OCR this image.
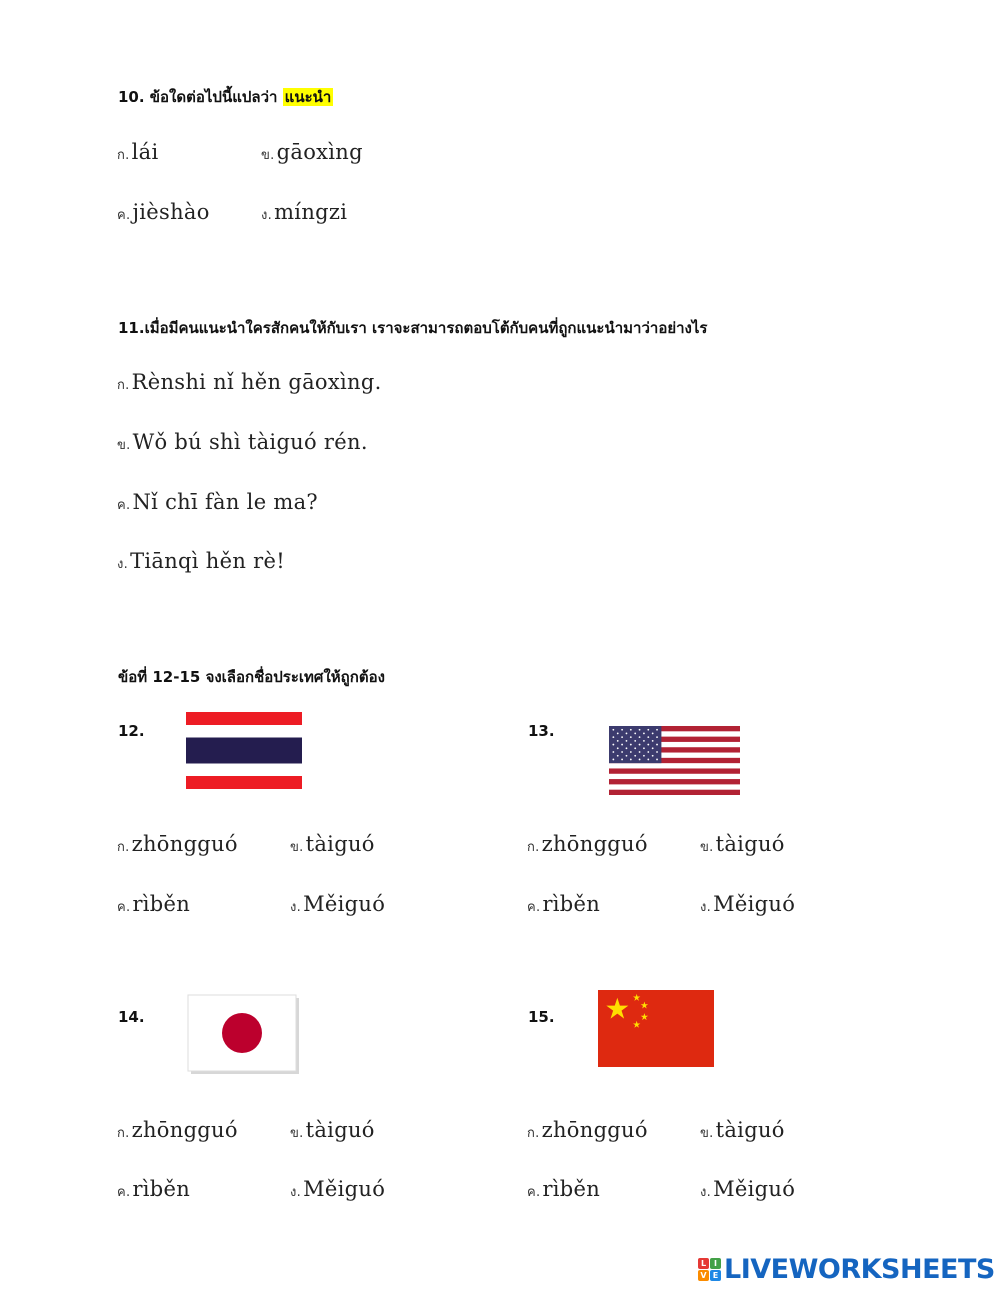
10. ข้อใดต่อไปนี้แปลว่า แนะนำ
ก.lái	ข.gāoxìng
ค.jièshào	ง.míngzi
11.เมื่อมีคนแนะนำใครสักคนให้กับเรา เราจะสามารถตอบโต้กับคนที่ถูกแนะนำมาว่าอย่างไร
ก.Rènshi nǐ hěn gāoxìng.
ข.Wǒ bú shì tàiguó rén.
ค.Nǐ chī fàn le ma?
ง.Tiānqì hěn rè!
ข้อที่ 12-15 จงเลือกชื่อประเทศให้ถูกต้อง
12.
ก.zhōngguó	ข.tàiguó
ค.rìběn	ง.Měiguó
13.
ก.zhōngguó	ข.tàiguó
ค.rìběn	ง.Měiguó
14.
ก.zhōngguó	ข.tàiguó
ค.rìběn	ง.Měiguó
15.
ก.zhōngguó	ข.tàiguó
ค.rìběn	ง.Měiguó
L I
V E LIVEWORKSHEETS
